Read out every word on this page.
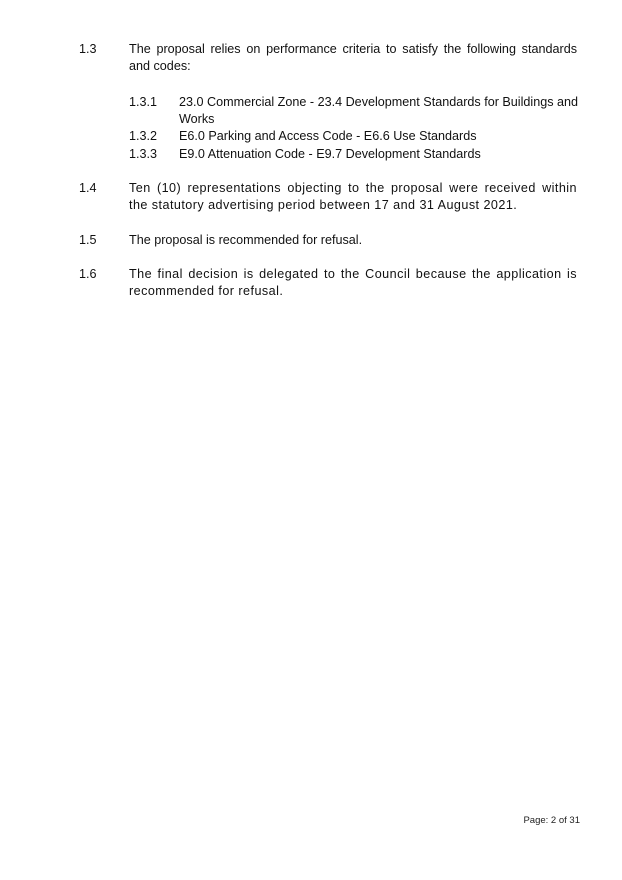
1.3	The proposal relies on performance criteria to satisfy the following standards and codes:
1.3.1 23.0 Commercial Zone - 23.4 Development Standards for Buildings and Works
1.3.2 E6.0 Parking and Access Code - E6.6 Use Standards
1.3.3 E9.0 Attenuation Code - E9.7 Development Standards
1.4	Ten (10) representations objecting to the proposal were received within the statutory advertising period between 17 and 31 August 2021.
1.5	The proposal is recommended for refusal.
1.6	The final decision is delegated to the Council because the application is recommended for refusal.
Page: 2 of 31
